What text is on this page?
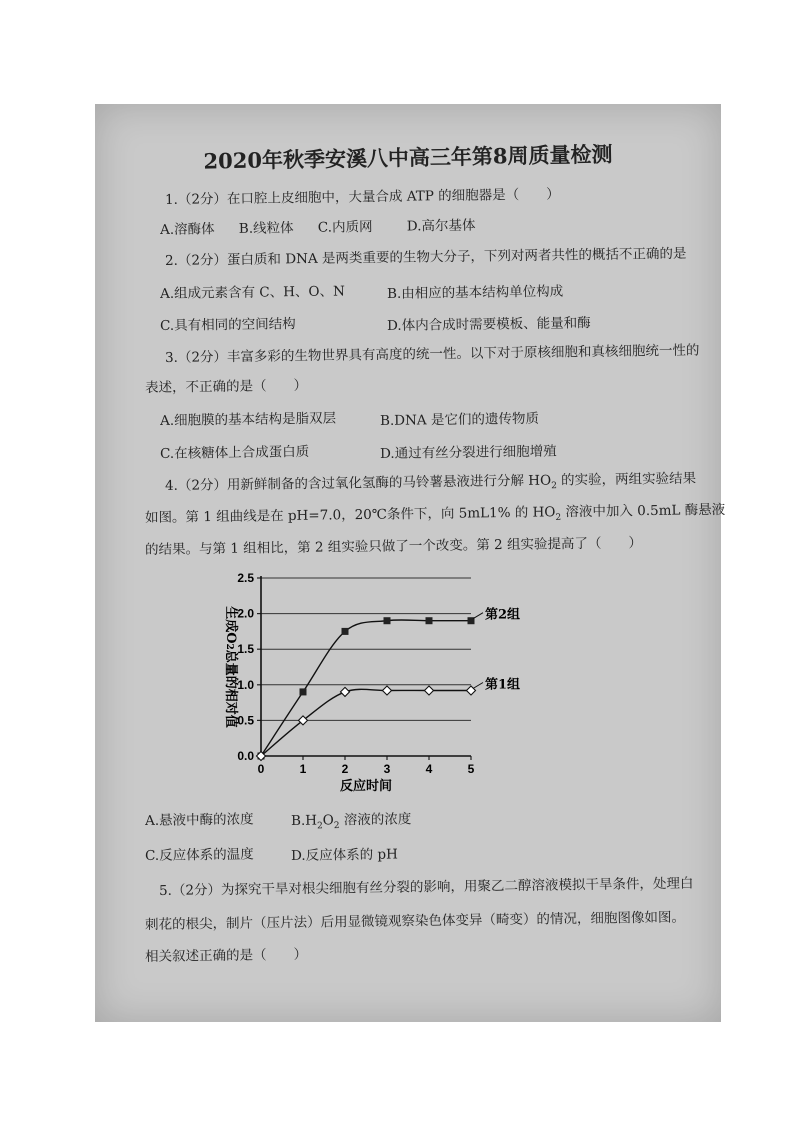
2020年秋季安溪八中高三年第8周质量检测
1.（2分）在口腔上皮细胞中，大量合成 ATP 的细胞器是（　　）
A.溶酶体 B.线粒体 C.内质网	D.高尔基体
2.（2分）蛋白质和 DNA 是两类重要的生物大分子，下列对两者共性的概括不正确的是
A.组成元素含有 C、H、O、N	B.由相应的基本结构单位构成
C.具有相同的空间结构	D.体内合成时需要模板、能量和酶
3.（2分）丰富多彩的生物世界具有高度的统一性。以下对于原核细胞和真核细胞统一性的
表述，不正确的是（　　）
A.细胞膜的基本结构是脂双层	B.DNA 是它们的遗传物质
C.在核糖体上合成蛋白质	D.通过有丝分裂进行细胞增殖
4.（2分）用新鲜制备的含过氧化氢酶的马铃薯悬液进行分解 $HO_2$ 的实验，两组实验结果
如图。第 1 组曲线是在 pH=7.0，20℃条件下，向 5mL1% 的 $HO_2$ 溶液中加入 0.5mL 酶悬液
的结果。与第 1 组相比，第 2 组实验只做了一个改变。第 2 组实验提高了（　　）
0.0
0.5
1.0
1.5
2.0
2.5
0	1	2	3	4	5
反应时间
生成O2总量的相对值
第2组
第1组
A.悬液中酶的浓度	$B.H_2O_2$ 溶液的浓度
C.反应体系的温度	D.反应体系的 pH
5.（2分）为探究干旱对根尖细胞有丝分裂的影响，用聚乙二醇溶液模拟干旱条件，处理白
刺花的根尖，制片（压片法）后用显微镜观察染色体变异（畸变）的情况，细胞图像如图。
相关叙述正确的是（　　）
